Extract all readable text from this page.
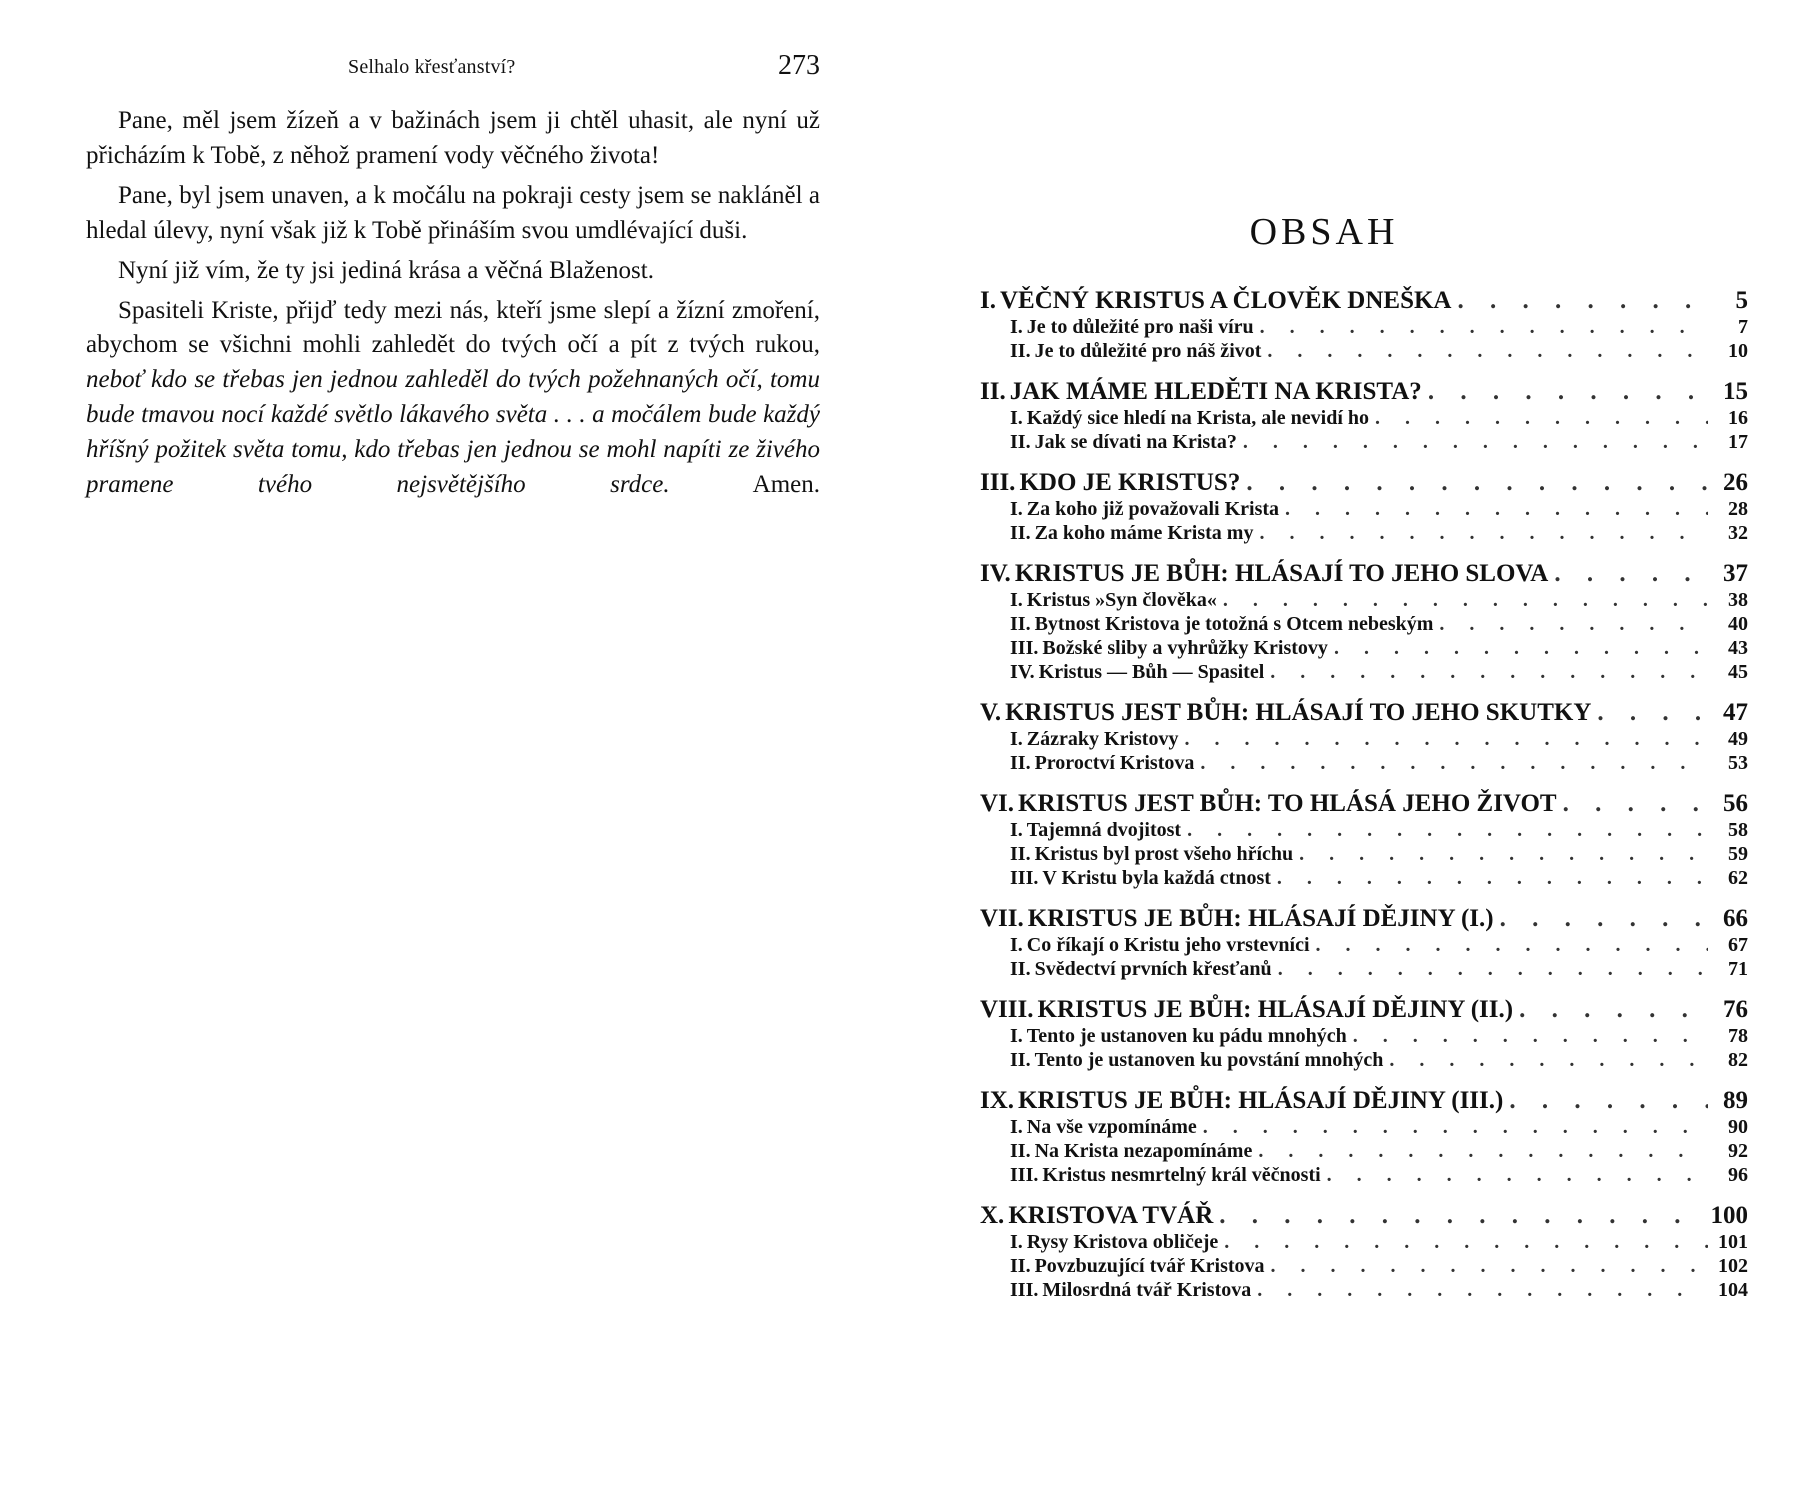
Selhalo křesťanství?	273

Pane, měl jsem žízeň a v bažinách jsem ji chtěl uhasit, ale nyní už přicházím k Tobě, z něhož pramení vody věčného života!

Pane, byl jsem unaven, a k močálu na pokraji cesty jsem se nakláněl a hledal úlevy, nyní však již k Tobě přináším svou umdlévající duši.

Nyní již vím, že ty jsi jediná krása a věčná Blaženost.

Spasiteli Kriste, přijď tedy mezi nás, kteří jsme slepí a žízní zmoření, abychom se všichni mohli zahledět do tvých očí a pít z tvých rukou, neboť kdo se třebas jen jednou zahleděl do tvých požehnaných očí, tomu bude tmavou nocí každé světlo lákavého světa . . . a močálem bude každý hříšný požitek světa tomu, kdo třebas jen jednou se mohl napíti ze živého pramene tvého nejsvětějšího srdce. Amen.

OBSAH
I. VĚČNÝ KRISTUS A ČLOVĚK DNEŠKA . . .	5
I. Je to důležité pro naši víru . . .	7
II. Je to důležité pro náš život . . .	10
II. JAK MÁME HLEDĚTI NA KRISTA? . . .	15
I. Každý sice hledí na Krista, ale nevidí ho . . .	16
II. Jak se dívati na Krista? . . .	17
III. KDO JE KRISTUS? . . .	26
I. Za koho již považovali Krista . . .	28
II. Za koho máme Krista my . . .	32
IV. KRISTUS JE BŮH: HLÁSAJÍ TO JEHO SLOVA . . .	37
I. Kristus »Syn člověka« . . .	38
II. Bytnost Kristova je totožná s Otcem nebeským . . .	40
III. Božské sliby a vyhrůžky Kristovy . . .	43
IV. Kristus — Bůh — Spasitel . . .	45
V. KRISTUS JEST BŮH: HLÁSAJÍ TO JEHO SKUTKY . . .	47
I. Zázraky Kristovy . . .	49
II. Proroctví Kristova . . .	53
VI. KRISTUS JEST BŮH: TO HLÁSÁ JEHO ŽIVOT . . .	56
I. Tajemná dvojitost . . .	58
II. Kristus byl prost všeho hříchu . . .	59
III. V Kristu byla každá ctnost . . .	62
VII. KRISTUS JE BŮH: HLÁSAJÍ DĚJINY (I.) . . .	66
I. Co říkají o Kristu jeho vrstevníci . . .	67
II. Svědectví prvních křesťanů . . .	71
VIII. KRISTUS JE BŮH: HLÁSAJÍ DĚJINY (II.) . . .	76
I. Tento je ustanoven ku pádu mnohých . . .	78
II. Tento je ustanoven ku povstání mnohých . . .	82
IX. KRISTUS JE BŮH: HLÁSAJÍ DĚJINY (III.) . . .	89
I. Na vše vzpomínáme . . .	90
II. Na Krista nezapomínáme . . .	92
III. Kristus nesmrtelný král věčnosti . . .	96
X. KRISTOVA TVÁŘ . . .	100
I. Rysy Kristova obličeje . . .	101
II. Povzbuzující tvář Kristova . . .	102
III. Milosrdná tvář Kristova . . .	104
